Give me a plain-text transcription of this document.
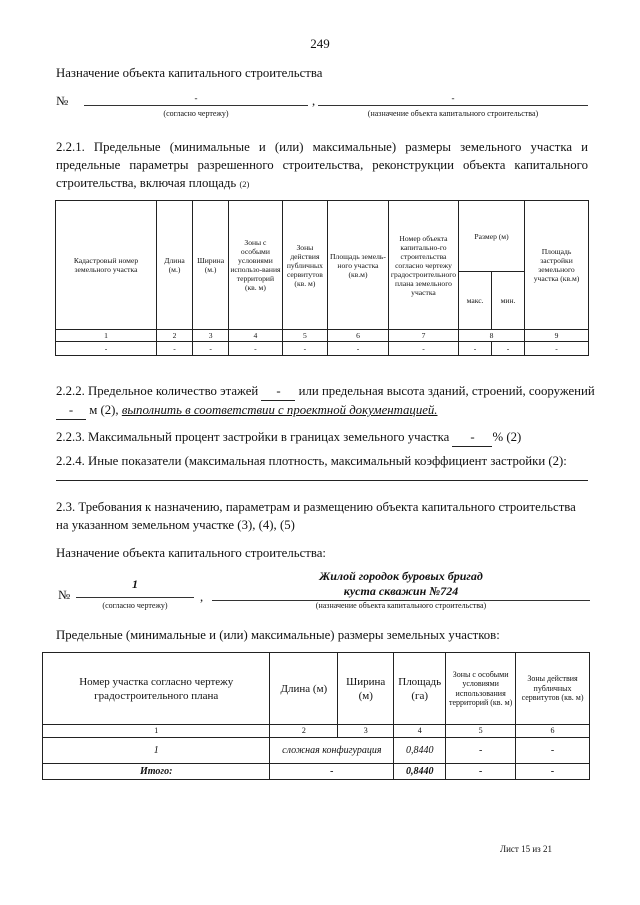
249
Назначение объекта капитального строительства
№	-	,	-
(согласно чертежу)	(назначение объекта капитального строительства)
2.2.1. Предельные (минимальные и (или) максимальные) размеры земельного участка и предельные параметры разрешенного строительства, реконструкции объекта капитального строительства, включая площадь (2)
Кадастровый номер земельного участка	Длина (м.)	Ширина (м.)	Зоны с особыми условиями использо-вания территорий (кв. м)	Зоны действия публичных сервитутов (кв. м)	Площадь земель-ного участка (кв.м)	Номер объекта капитально-го строительства согласно чертежу градостроительного плана земельного участка	Размер (м)		Площадь застройки земельного участка (кв.м)
							макс.	мин.	
1	2	3	4	5	6	7	8		9
-	-	-	-	-	-	-	-	-	-
2.2.2. Предельное количество этажей - или предельная высота зданий, строений, сооружений - м (2), выполнить в соответствии с проектной документацией.
2.2.3. Максимальный процент застройки в границах земельного участка - % (2)
2.2.4. Иные показатели (максимальная плотность, максимальный коэффициент застройки (2):
2.3. Требования к назначению, параметрам и размещению объекта капитального строительства на указанном земельном участке (3), (4), (5)
Назначение объекта капитального строительства:
Жилой городок буровых бригад
№
1
,	куста скважин №724
(согласно чертежу)	(назначение объекта капитального строительства)
Предельные (минимальные и (или) максимальные) размеры земельных участков:
Номер участка согласно чертежу градостроительного плана	Длина (м)	Ширина (м)	Площадь (га)	Зоны с особыми условиями использования территорий (кв. м)	Зоны действия публичных сервитутов (кв. м)
1	2	3	4	5	6
1	сложная конфигурация		0,8440	-	-
Итого:	-		0,8440	-	-
Лист 15 из 21
